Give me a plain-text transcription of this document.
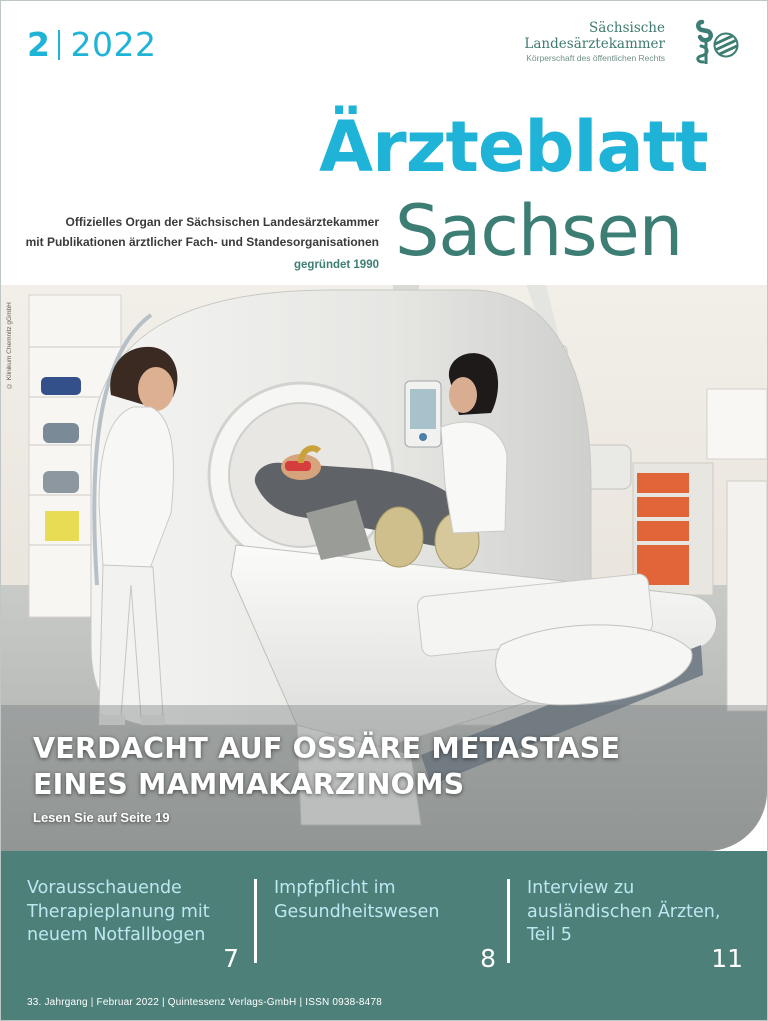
2 2022	Sächsische
Landesärztekammer
Körperschaft des öffentlichen Rechts
Ärzteblatt
Sachsen
Offizielles Organ der Sächsischen Landesärztekammer
mit Publikationen ärztlicher Fach- und Standesorganisationen
gegründet 1990
© Klinikum Chemnitz gGmbH
VERDACHT AUF OSSÄRE METASTASE
EINES MAMMAKARZINOMS
Lesen Sie auf Seite 19
Vorausschauende
Therapieplanung mit
neuem Notfallbogen
7
Impfpflicht im
Gesundheitswesen
8
Interview zu
ausländischen Ärzten,
Teil 5
11
33. Jahrgang | Februar 2022 | Quintessenz Verlags-GmbH | ISSN 0938-8478
